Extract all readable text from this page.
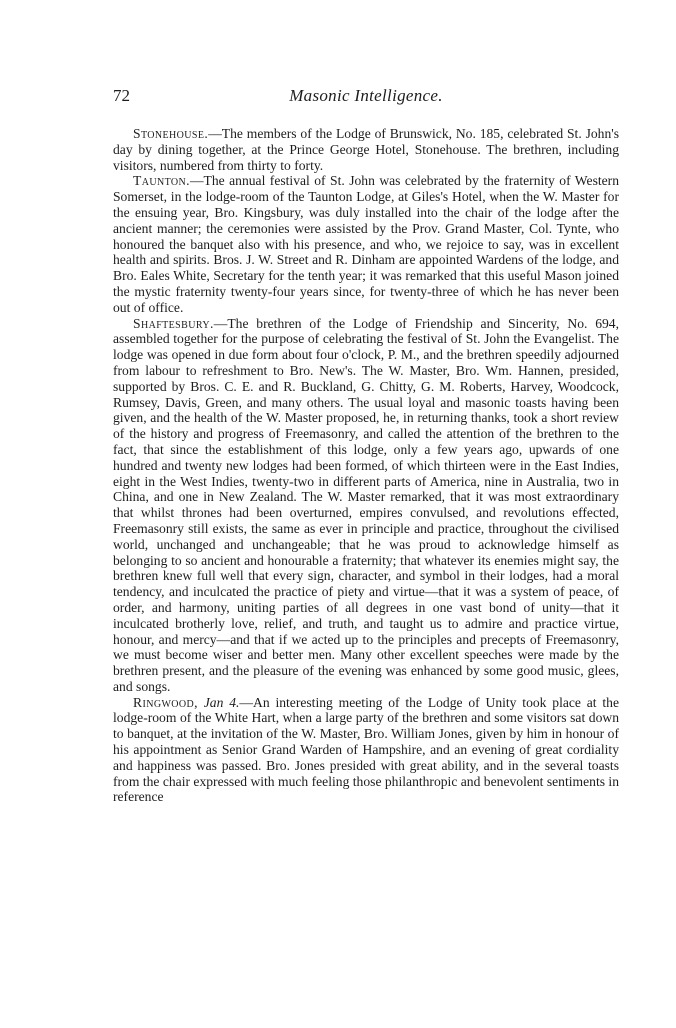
72	Masonic Intelligence.

Stonehouse.—The members of the Lodge of Brunswick, No. 185, celebrated St. John's day by dining together, at the Prince George Hotel, Stonehouse. The brethren, including visitors, numbered from thirty to forty.

Taunton.—The annual festival of St. John was celebrated by the fraternity of Western Somerset, in the lodge-room of the Taunton Lodge, at Giles's Hotel, when the W. Master for the ensuing year, Bro. Kingsbury, was duly installed into the chair of the lodge after the ancient manner; the ceremonies were assisted by the Prov. Grand Master, Col. Tynte, who honoured the banquet also with his presence, and who, we rejoice to say, was in excellent health and spirits. Bros. J. W. Street and R. Dinham are appointed Wardens of the lodge, and Bro. Eales White, Secretary for the tenth year; it was remarked that this useful Mason joined the mystic fraternity twenty-four years since, for twenty-three of which he has never been out of office.

Shaftesbury.—The brethren of the Lodge of Friendship and Sincerity, No. 694, assembled together for the purpose of celebrating the festival of St. John the Evangelist. The lodge was opened in due form about four o'clock, P. M., and the brethren speedily adjourned from labour to refreshment to Bro. New's. The W. Master, Bro. Wm. Hannen, presided, supported by Bros. C. E. and R. Buckland, G. Chitty, G. M. Roberts, Harvey, Woodcock, Rumsey, Davis, Green, and many others. The usual loyal and masonic toasts having been given, and the health of the W. Master proposed, he, in returning thanks, took a short review of the history and progress of Freemasonry, and called the attention of the brethren to the fact, that since the establishment of this lodge, only a few years ago, upwards of one hundred and twenty new lodges had been formed, of which thirteen were in the East Indies, eight in the West Indies, twenty-two in different parts of America, nine in Australia, two in China, and one in New Zealand. The W. Master remarked, that it was most extraordinary that whilst thrones had been overturned, empires convulsed, and revolutions effected, Freemasonry still exists, the same as ever in principle and practice, throughout the civilised world, unchanged and unchangeable; that he was proud to acknowledge himself as belonging to so ancient and honourable a fraternity; that whatever its enemies might say, the brethren knew full well that every sign, character, and symbol in their lodges, had a moral tendency, and inculcated the practice of piety and virtue—that it was a system of peace, of order, and harmony, uniting parties of all degrees in one vast bond of unity—that it inculcated brotherly love, relief, and truth, and taught us to admire and practice virtue, honour, and mercy—and that if we acted up to the principles and precepts of Freemasonry, we must become wiser and better men. Many other excellent speeches were made by the brethren present, and the pleasure of the evening was enhanced by some good music, glees, and songs.

Ringwood, Jan 4.—An interesting meeting of the Lodge of Unity took place at the lodge-room of the White Hart, when a large party of the brethren and some visitors sat down to banquet, at the invitation of the W. Master, Bro. William Jones, given by him in honour of his appointment as Senior Grand Warden of Hampshire, and an evening of great cordiality and happiness was passed. Bro. Jones presided with great ability, and in the several toasts from the chair expressed with much feeling those philanthropic and benevolent sentiments in reference
